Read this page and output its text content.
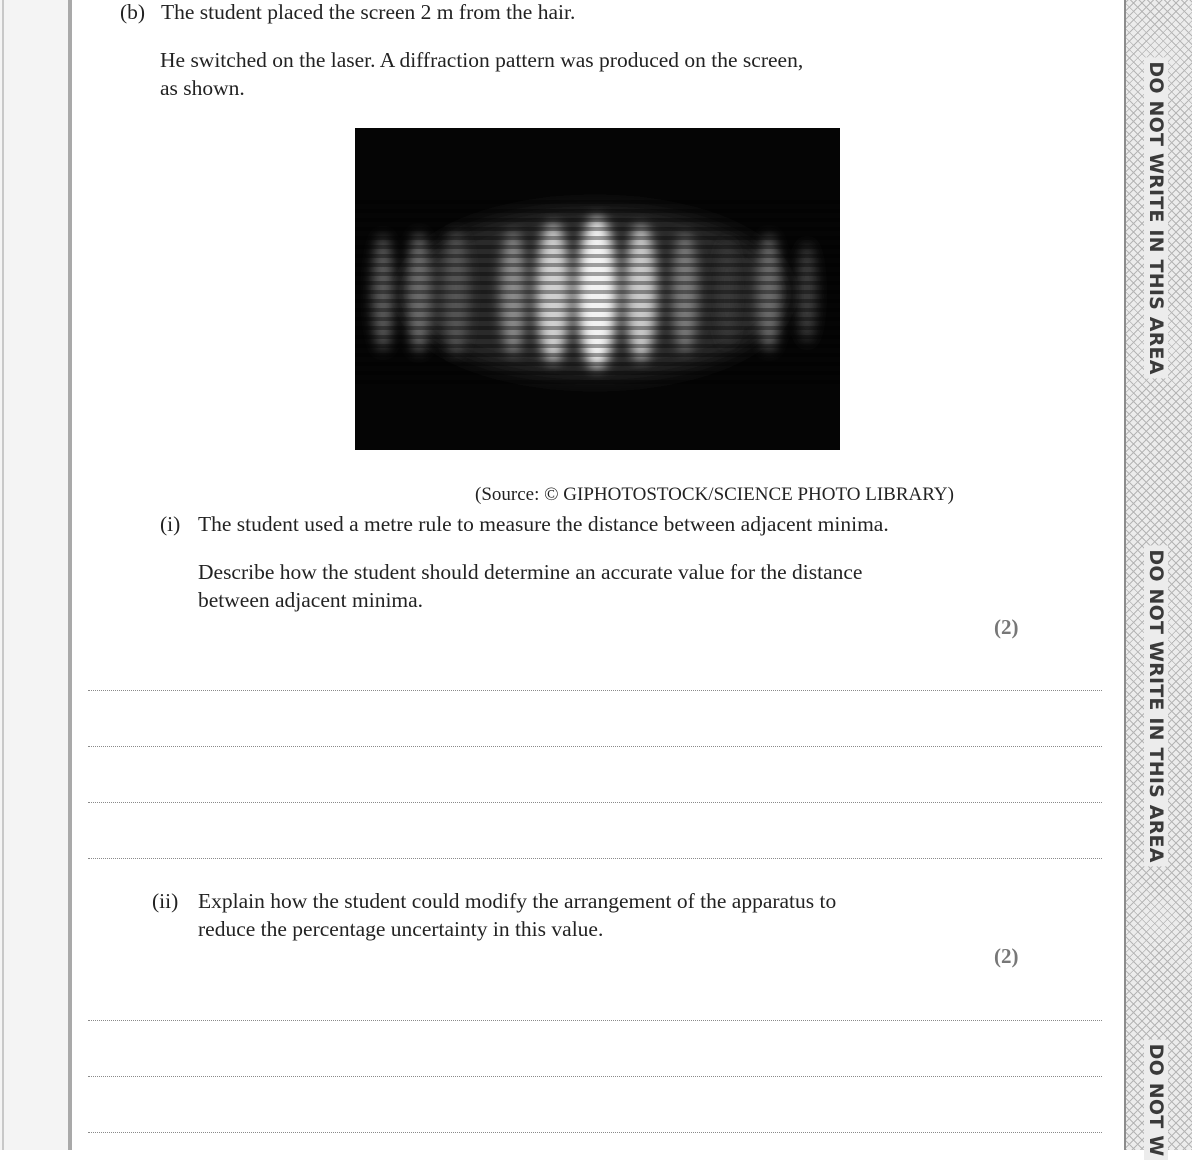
DO NOT WRITE IN THIS AREA
DO NOT WRITE IN THIS AREA
DO NOT W

(b) The student placed the screen 2 m from the hair.

He switched on the laser. A diffraction pattern was produced on the screen,

as shown.

(Source: © GIPHOTOSTOCK/SCIENCE PHOTO LIBRARY)

(i) The student used a metre rule to measure the distance between adjacent minima.

Describe how the student should determine an accurate value for the distance

between adjacent minima.

(2)

(ii) Explain how the student could modify the arrangement of the apparatus to

reduce the percentage uncertainty in this value.

(2)
